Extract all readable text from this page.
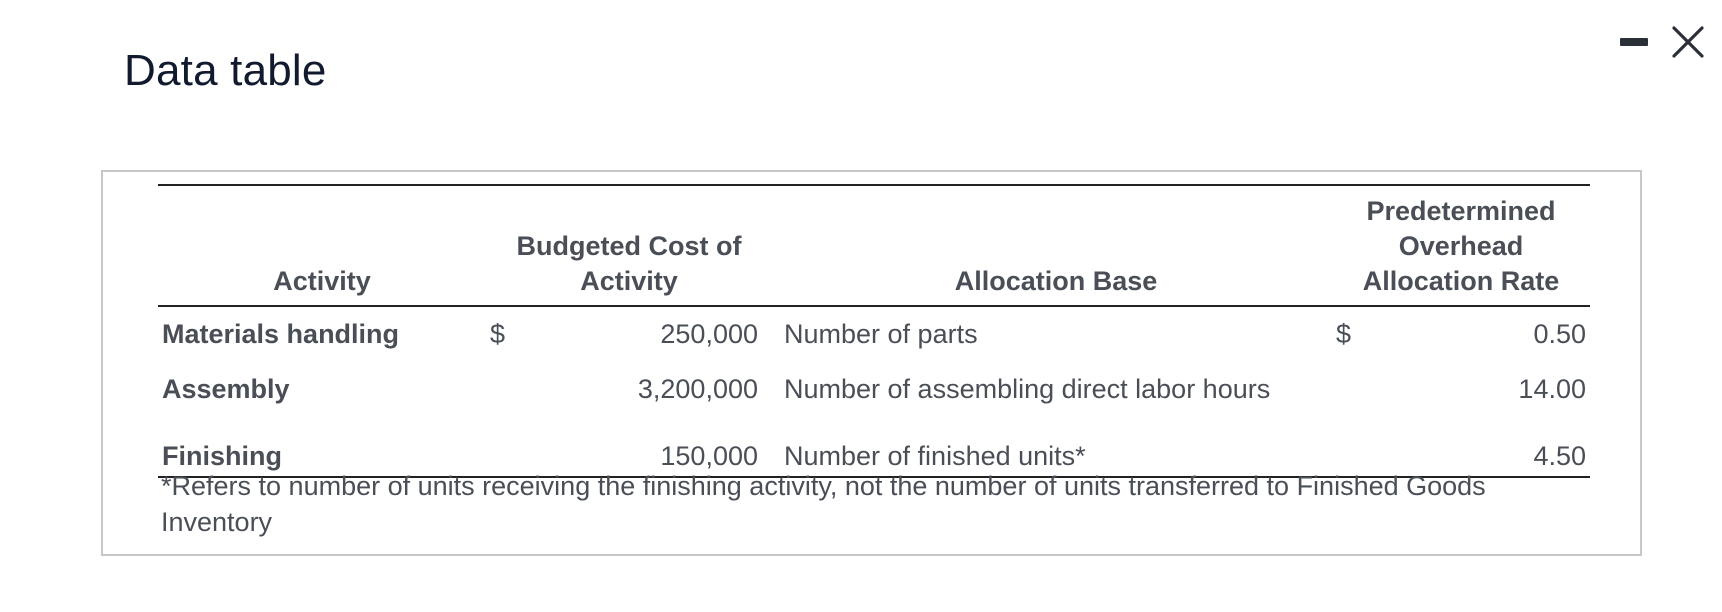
Data table
Activity	Budgeted Cost of Activity		Allocation Base	Predetermined Overhead Allocation Rate	

Materials handling	$	250,000	Number of parts	$	0.50
Assembly		3,200,000	Number of assembling direct labor hours		14.00
Finishing		150,000	Number of finished units*		4.50
*Refers to number of units receiving the finishing activity, not the number of units transferred to Finished Goods Inventory
